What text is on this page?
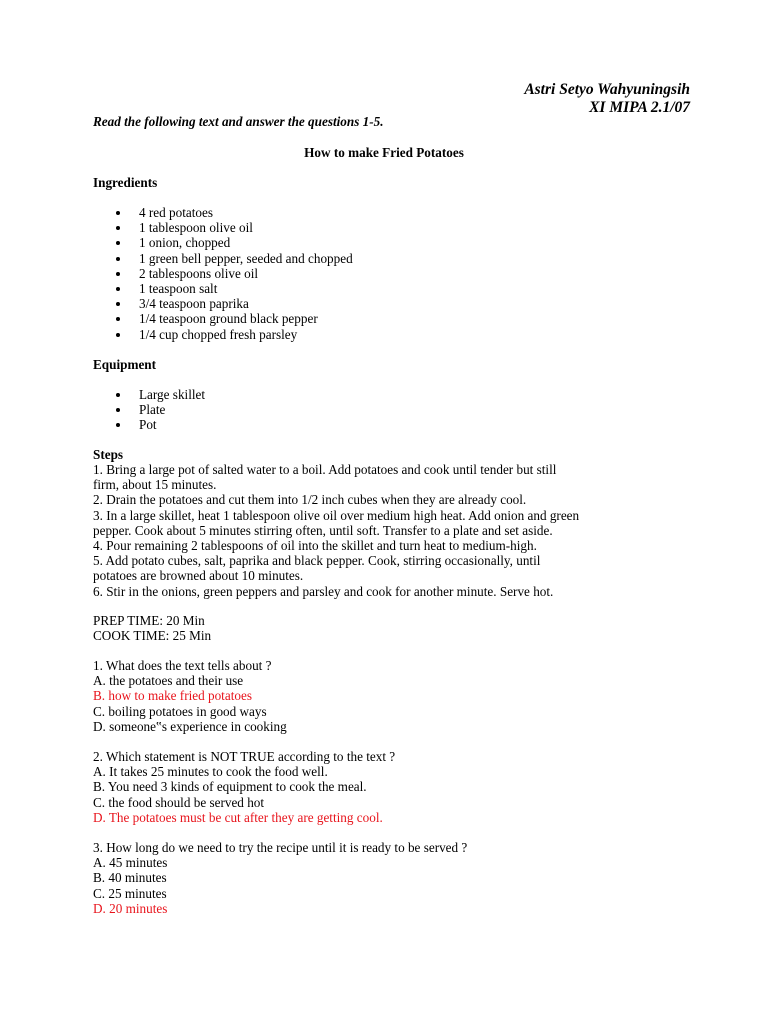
Astri Setyo Wahyuningsih
XI MIPA 2.1/07
Read the following text and answer the questions 1-5.
How to make Fried Potatoes
Ingredients
4 red potatoes
1 tablespoon olive oil
1 onion, chopped
1 green bell pepper, seeded and chopped
2 tablespoons olive oil
1 teaspoon salt
3/4 teaspoon paprika
1/4 teaspoon ground black pepper
1/4 cup chopped fresh parsley
Equipment
Large skillet
Plate
Pot
Steps
1. Bring a large pot of salted water to a boil. Add potatoes and cook until tender but still
firm, about 15 minutes.
2. Drain the potatoes and cut them into 1/2 inch cubes when they are already cool.
3. In a large skillet, heat 1 tablespoon olive oil over medium high heat. Add onion and green
pepper. Cook about 5 minutes stirring often, until soft. Transfer to a plate and set aside.
4. Pour remaining 2 tablespoons of oil into the skillet and turn heat to medium-high.
5. Add potato cubes, salt, paprika and black pepper. Cook, stirring occasionally, until
potatoes are browned about 10 minutes.
6. Stir in the onions, green peppers and parsley and cook for another minute. Serve hot.
PREP TIME: 20 Min
COOK TIME: 25 Min
1. What does the text tells about ?
A. the potatoes and their use
B. how to make fried potatoes
C. boiling potatoes in good ways
D. someone‟s experience in cooking
2. Which statement is NOT TRUE according to the text ?
A. It takes 25 minutes to cook the food well.
B. You need 3 kinds of equipment to cook the meal.
C. the food should be served hot
D. The potatoes must be cut after they are getting cool.
3. How long do we need to try the recipe until it is ready to be served ?
A. 45 minutes
B. 40 minutes
C. 25 minutes
D. 20 minutes
